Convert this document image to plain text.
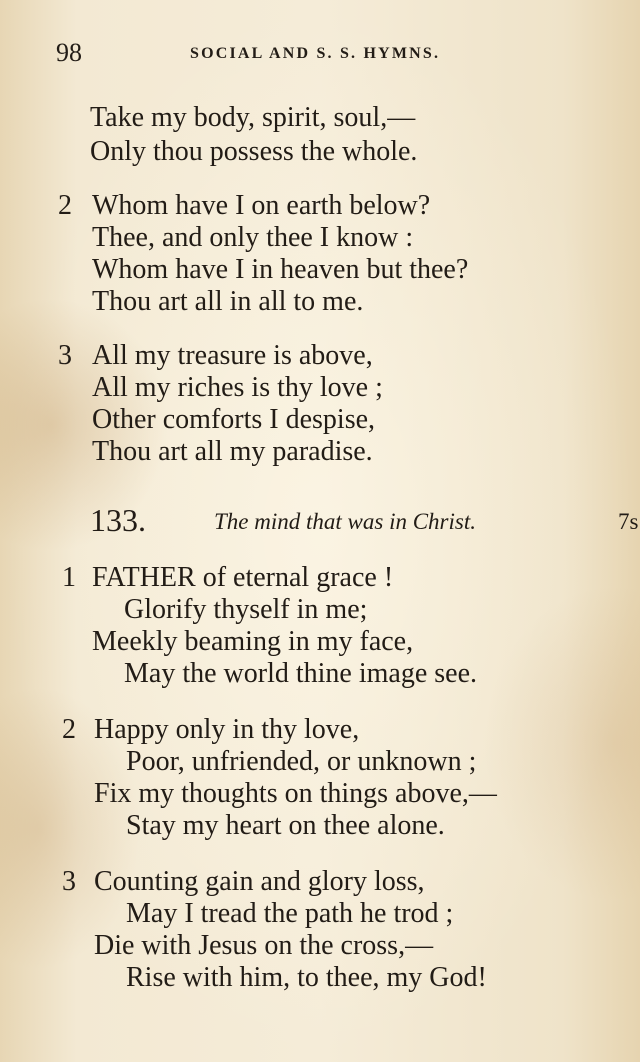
98	SOCIAL AND S. S. HYMNS.
Take my body, spirit, soul,—
Only thou possess the whole.
2 Whom have I on earth below?
Thee, and only thee I know :
Whom have I in heaven but thee?
Thou art all in all to me.
3 All my treasure is above,
All my riches is thy love ;
Other comforts I despise,
Thou art all my paradise.
133.	The mind that was in Christ.	7s
1 FATHER of eternal grace !
Glorify thyself in me;
Meekly beaming in my face,
May the world thine image see.
2 Happy only in thy love,
Poor, unfriended, or unknown ;
Fix my thoughts on things above,—
Stay my heart on thee alone.
3 Counting gain and glory loss,
May I tread the path he trod ;
Die with Jesus on the cross,—
Rise with him, to thee, my God!
